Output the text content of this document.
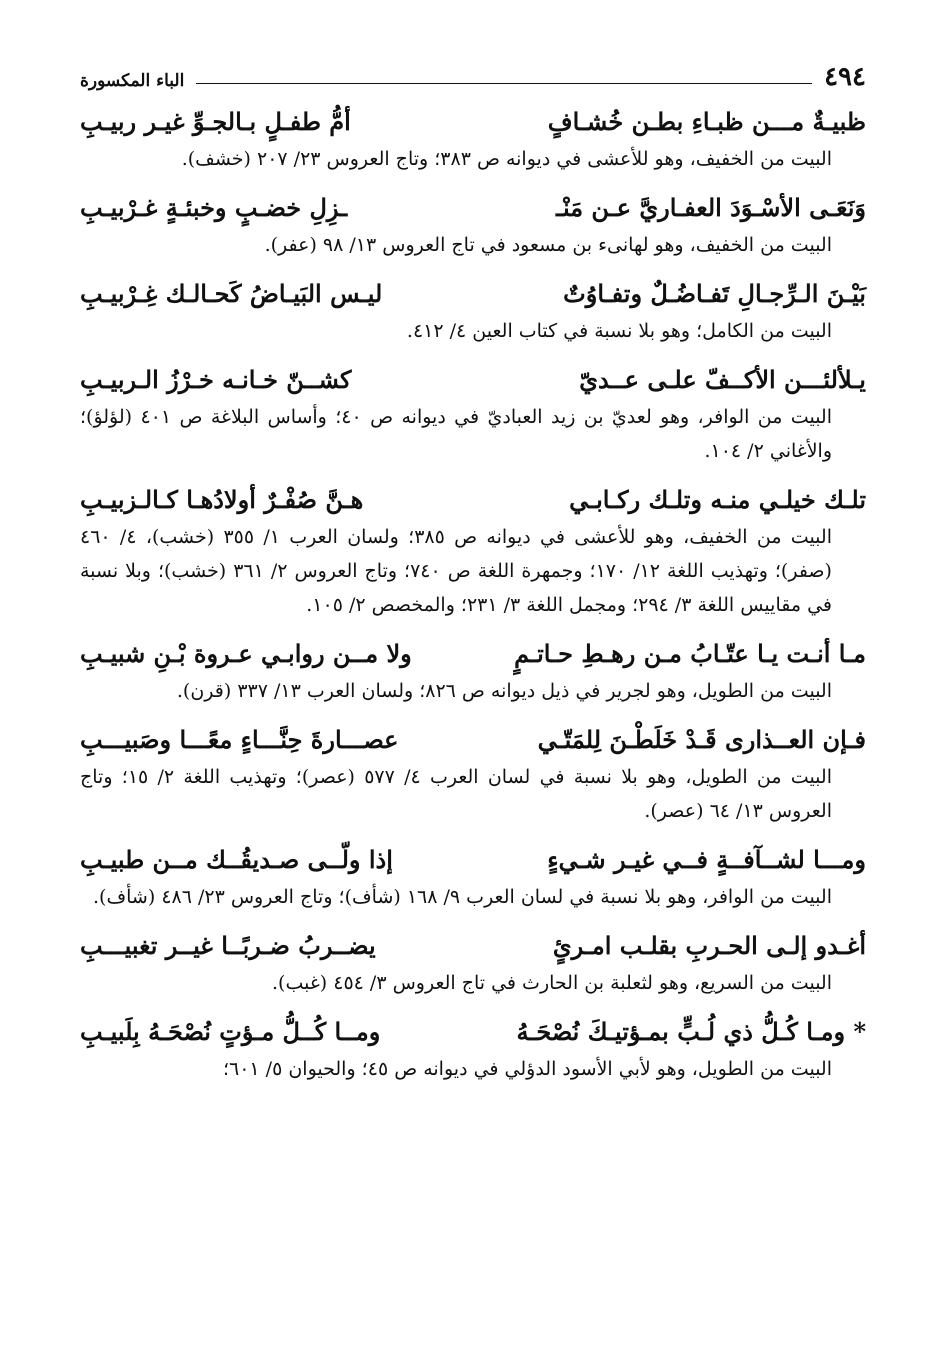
٤٩٤
الباء المكسورة
ظبيـةٌ مـــن ظبـاءِ بطـن خُشـافٍ
أمُّ طفـلٍ بـالجـوِّ غيـر ربيـبِ
البيت من الخفيف، وهو للأعشى في ديوانه ص ٣٨٣؛ وتاج العروس ٢٣/ ٢٠٧ (خشف).
وَنَعَـى الأسْـوَدَ العفـاريَّ عـن مَنْـ
ـزِلِ خضـبٍ وخبئـةٍ غـرْبيـبِ
البيت من الخفيف، وهو لهانىء بن مسعود في تاج العروس ١٣/ ٩٨ (عفر).
بَيْـنَ الـرِّجـالِ تَفـاضُـلٌ وتفـاوُتٌ
ليـس البَيـاضُ كَحـالـك غِـرْبيـبِ
البيت من الكامل؛ وهو بلا نسبة في كتاب العين ٤/ ٤١٢.
يـلألئـــن الأكــفّ علـى عــديّ
كشــنّ خـانـه خـرْزُ الـربيـبِ
البيت من الوافر، وهو لعديّ بن زيد العباديّ في ديوانه ص ٤٠؛ وأساس البلاغة ص ٤٠١ (لؤلؤ)؛ والأغاني ٢/ ١٠٤.
تلـك خيلـي منـه وتلـك ركـابـي
هـنَّ صُفْـرٌ أولادُهـا كـالـزبيـبِ
البيت من الخفيف، وهو للأعشى في ديوانه ص ٣٨٥؛ ولسان العرب ١/ ٣٥٥ (خشب)، ٤/ ٤٦٠ (صفر)؛ وتهذيب اللغة ١٢/ ١٧٠؛ وجمهرة اللغة ص ٧٤٠؛ وتاج العروس ٢/ ٣٦١ (خشب)؛ وبلا نسبة في مقاييس اللغة ٣/ ٢٩٤؛ ومجمل اللغة ٣/ ٢٣١؛ والمخصص ٢/ ١٠٥.
مـا أنـت يـا عتّـابُ مـن رهـطِ حـاتـمٍ
ولا مــن روابـي عـروة بْـنِ شبيـبِ
البيت من الطويل، وهو لجرير في ذيل ديوانه ص ٨٢٦؛ ولسان العرب ١٣/ ٣٣٧ (قرن).
فـإن العــذارى قَـدْ خَلَطْـنَ لِلمَتّـي
عصـــارةَ حِنَّـــاءٍ معًـــا وصَبيـــبِ
البيت من الطويل، وهو بلا نسبة في لسان العرب ٤/ ٥٧٧ (عصر)؛ وتهذيب اللغة ٢/ ١٥؛ وتاج العروس ١٣/ ٦٤ (عصر).
ومـــا لشــآفــةٍ فــي غيـر شـيءٍ
إذا ولّــى صـديقُــك مــن طبيـبِ
البيت من الوافر، وهو بلا نسبة في لسان العرب ٩/ ١٦٨ (شأف)؛ وتاج العروس ٢٣/ ٤٨٦ (شأف).
أغـدو إلـى الحـربِ بقلـب امـرئٍ
يضــربُ ضـربًــا غيــر تغبيـــبِ
البيت من السريع، وهو لثعلبة بن الحارث في تاج العروس ٣/ ٤٥٤ (غبب).
* ومـا كُـلُّ ذي لُـبٍّ بمـؤتيـكَ نُصْحَـهُ
ومــا كُــلُّ مـؤتٍ نُصْحَـهُ بِلَبيـبِ
البيت من الطويل، وهو لأبي الأسود الدؤلي في ديوانه ص ٤٥؛ والحيوان ٥/ ٦٠١؛
